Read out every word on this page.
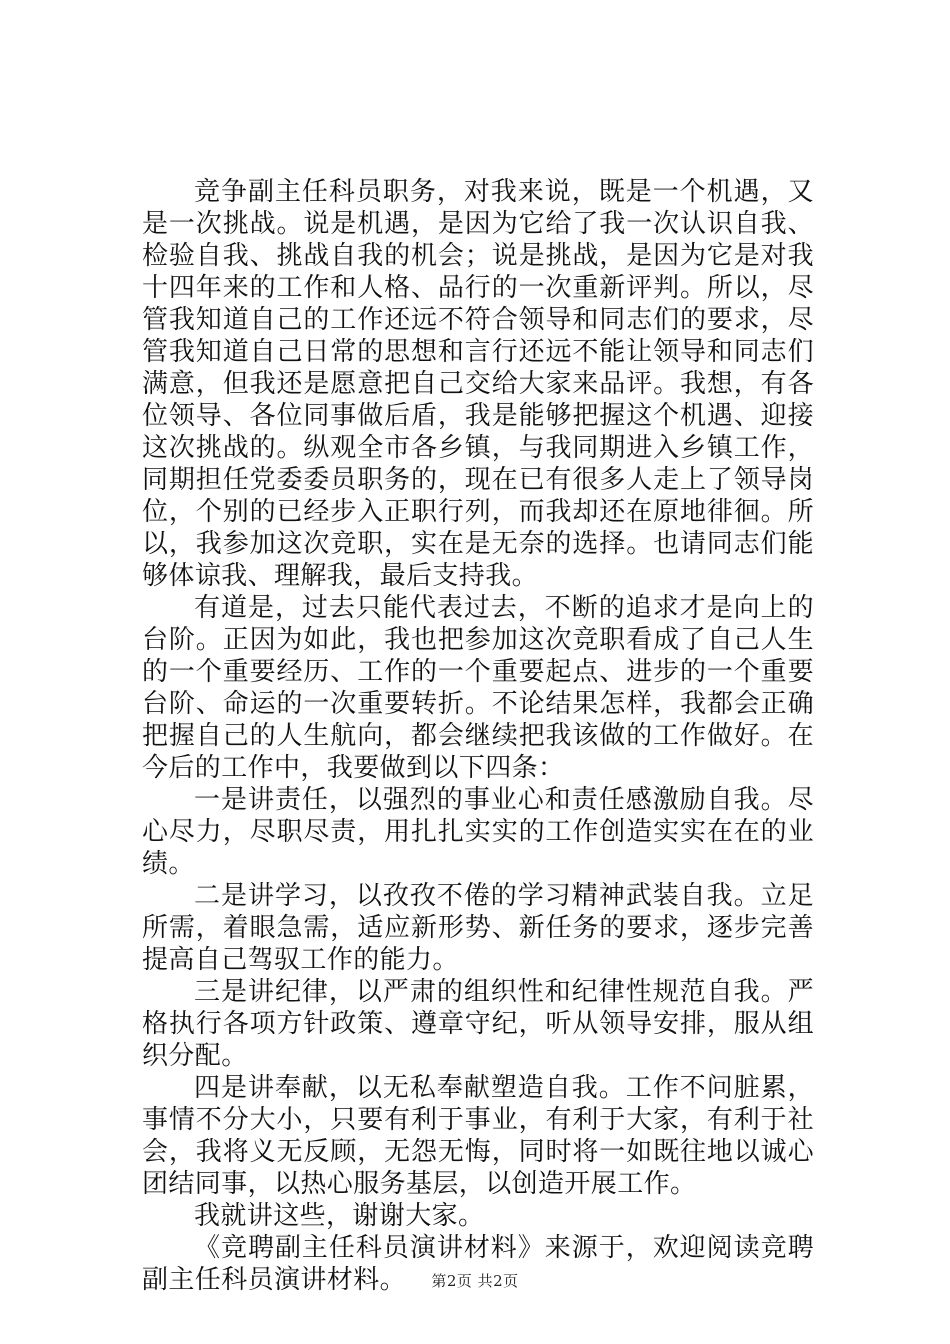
竞争副主任科员职务，对我来说，既是一个机遇，又是一次挑战。说是机遇，是因为它给了我一次认识自我、检验自我、挑战自我的机会；说是挑战，是因为它是对我十四年来的工作和人格、品行的一次重新评判。所以，尽管我知道自己的工作还远不符合领导和同志们的要求，尽管我知道自己日常的思想和言行还远不能让领导和同志们满意，但我还是愿意把自己交给大家来品评。我想，有各位领导、各位同事做后盾，我是能够把握这个机遇、迎接这次挑战的。纵观全市各乡镇，与我同期进入乡镇工作，同期担任党委委员职务的，现在已有很多人走上了领导岗位，个别的已经步入正职行列，而我却还在原地徘徊。所以，我参加这次竞职，实在是无奈的选择。也请同志们能够体谅我、理解我，最后支持我。

有道是，过去只能代表过去，不断的追求才是向上的台阶。正因为如此，我也把参加这次竞职看成了自己人生的一个重要经历、工作的一个重要起点、进步的一个重要台阶、命运的一次重要转折。不论结果怎样，我都会正确把握自己的人生航向，都会继续把我该做的工作做好。在今后的工作中，我要做到以下四条：

一是讲责任，以强烈的事业心和责任感激励自我。尽心尽力，尽职尽责，用扎扎实实的工作创造实实在在的业绩。

二是讲学习，以孜孜不倦的学习精神武装自我。立足所需，着眼急需，适应新形势、新任务的要求，逐步完善提高自己驾驭工作的能力。

三是讲纪律，以严肃的组织性和纪律性规范自我。严格执行各项方针政策、遵章守纪，听从领导安排，服从组织分配。

四是讲奉献，以无私奉献塑造自我。工作不问脏累，事情不分大小，只要有利于事业，有利于大家，有利于社会，我将义无反顾，无怨无悔，同时将一如既往地以诚心团结同事，以热心服务基层，以创造开展工作。

我就讲这些，谢谢大家。

《竞聘副主任科员演讲材料》来源于，欢迎阅读竞聘副主任科员演讲材料。	第2页 共2页
